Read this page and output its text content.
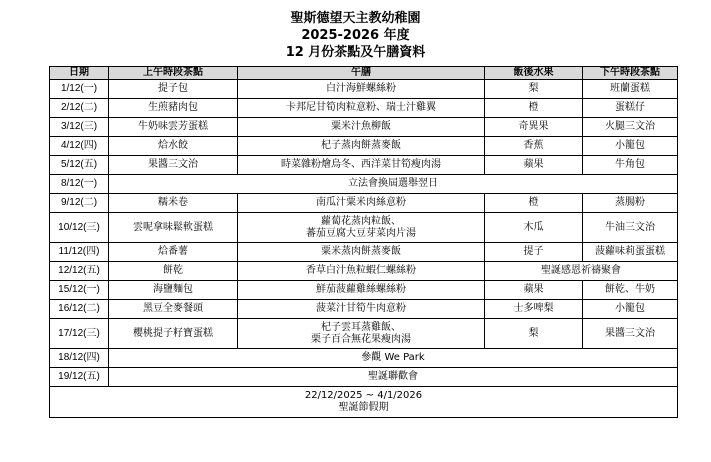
聖斯德望天主教幼稚園
2025-2026 年度
12 月份茶點及午膳資料
日期	上午時段茶點	午膳	飯後水果	下午時段茶點
1/12(一)	提子包	白汁海鮮螺絲粉	梨	班蘭蛋糕
2/12(二)	生煎豬肉包	卡邦尼甘筍肉粒意粉、瑞士汁雞翼	橙	蛋糕仔
3/12(三)	牛奶味雲芳蛋糕	粟米汁魚柳飯	奇異果	火腿三文治
4/12(四)	烚水餃	杞子蒸肉餅蒸麥飯	香蕉	小籠包
5/12(五)	果醬三文治	時菜雜粉燴烏冬、西洋菜甘筍瘦肉湯	蘋果	牛角包
8/12(一)	立法會換屆選舉翌日			
9/12(二)	糯米卷	南瓜汁粟米肉絲意粉	橙	蒸腸粉
10/12(三)	雲呢拿味鬆軟蛋糕	蘿蔔花蒸肉粒飯、
蕃茄豆腐大豆芽菜肉片湯	木瓜	牛油三文治
11/12(四)	烚番薯	粟米蒸肉餅蒸麥飯	提子	菠蘿味莉蛋蛋糕
12/12(五)	餅乾	香草白汁魚粒蝦仁螺絲粉	聖誕感恩祈禱聚會	
15/12(一)	海鹽麵包	鮮茄菠蘿雞絲螺絲粉	蘋果	餅乾、牛奶
16/12(二)	黑豆全麥餐頭	菠菜汁甘筍牛肉意粉	士多啤梨	小籠包
17/12(三)	櫻桃提子籽寶蛋糕	杞子雲耳蒸雞飯、
栗子百合無花果瘦肉湯	梨	果醬三文治
18/12(四)	參觀 We Park			
19/12(五)	聖誕聯歡會			

22/12/2025 ~ 4/1/2026
聖誕節假期				
